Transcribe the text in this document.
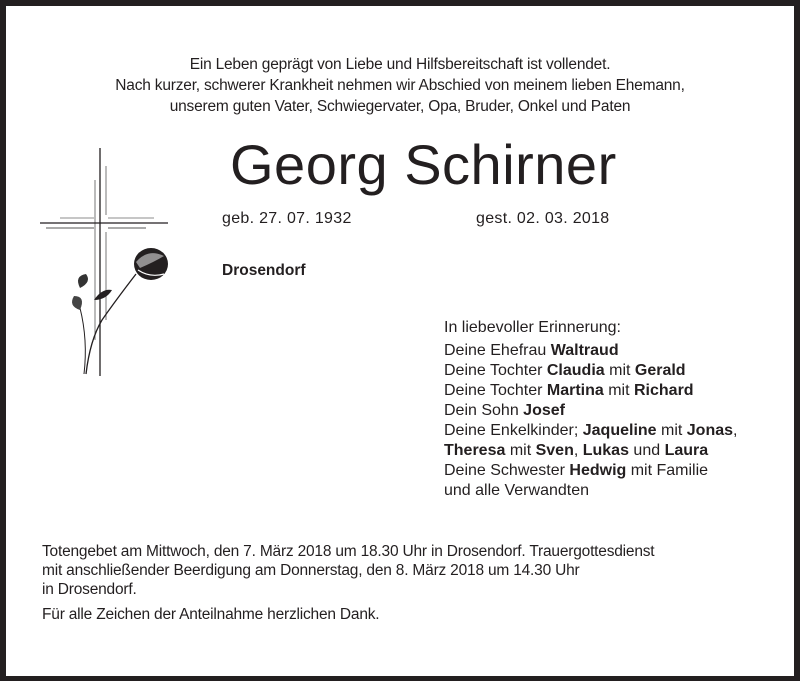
Ein Leben geprägt von Liebe und Hilfsbereitschaft ist vollendet.
Nach kurzer, schwerer Krankheit nehmen wir Abschied von meinem lieben Ehemann,
unserem guten Vater, Schwiegervater, Opa, Bruder, Onkel und Paten
Georg Schirner
geb. 27. 07. 1932	gest. 02. 03. 2018
Drosendorf
In liebevoller Erinnerung:
Deine Ehefrau Waltraud
Deine Tochter Claudia mit Gerald
Deine Tochter Martina mit Richard
Dein Sohn Josef
Deine Enkelkinder; Jaqueline mit Jonas,
Theresa mit Sven, Lukas und Laura
Deine Schwester Hedwig mit Familie
und alle Verwandten
Totengebet am Mittwoch, den 7. März 2018 um 18.30 Uhr in Drosendorf. Trauergottesdienst
mit anschließender Beerdigung am Donnerstag, den 8. März 2018 um 14.30 Uhr
in Drosendorf.
Für alle Zeichen der Anteilnahme herzlichen Dank.
